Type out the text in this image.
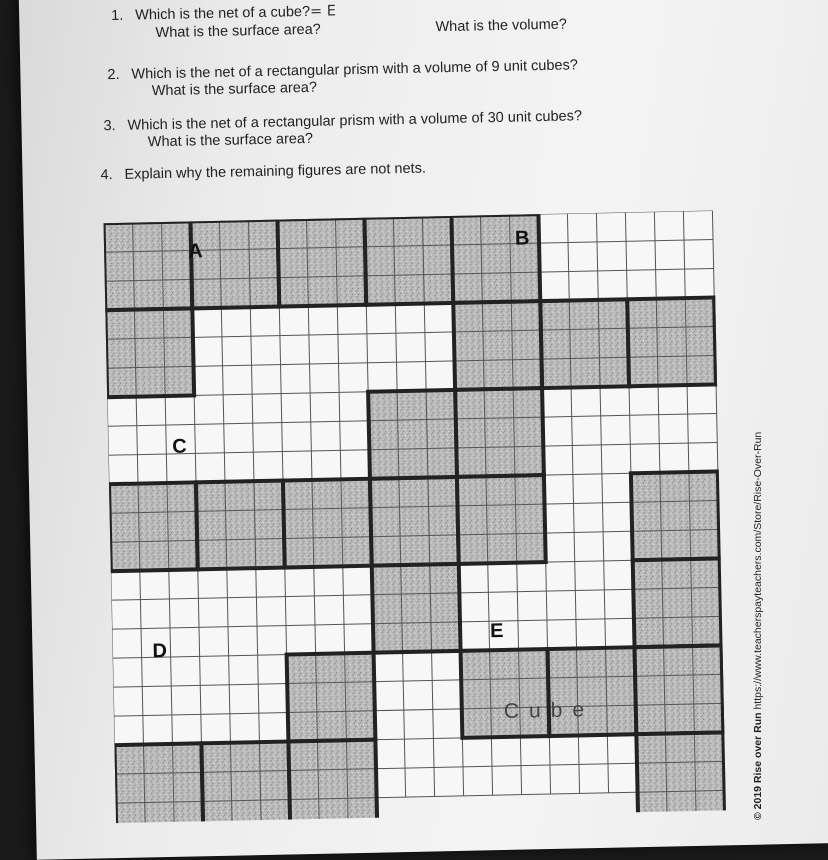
1. Which is the net of a cube?= E
What is the surface area?	What is the volume?
2. Which is the net of a rectangular prism with a volume of 9 unit cubes?
What is the surface area?
3. Which is the net of a rectangular prism with a volume of 30 unit cubes?
What is the surface area?
4. Explain why the remaining figures are not nets.
A
B
C
D
E
Cube
© 2019 Rise over Run https://www.teacherspayteachers.com/Store/Rise-Over-Run
